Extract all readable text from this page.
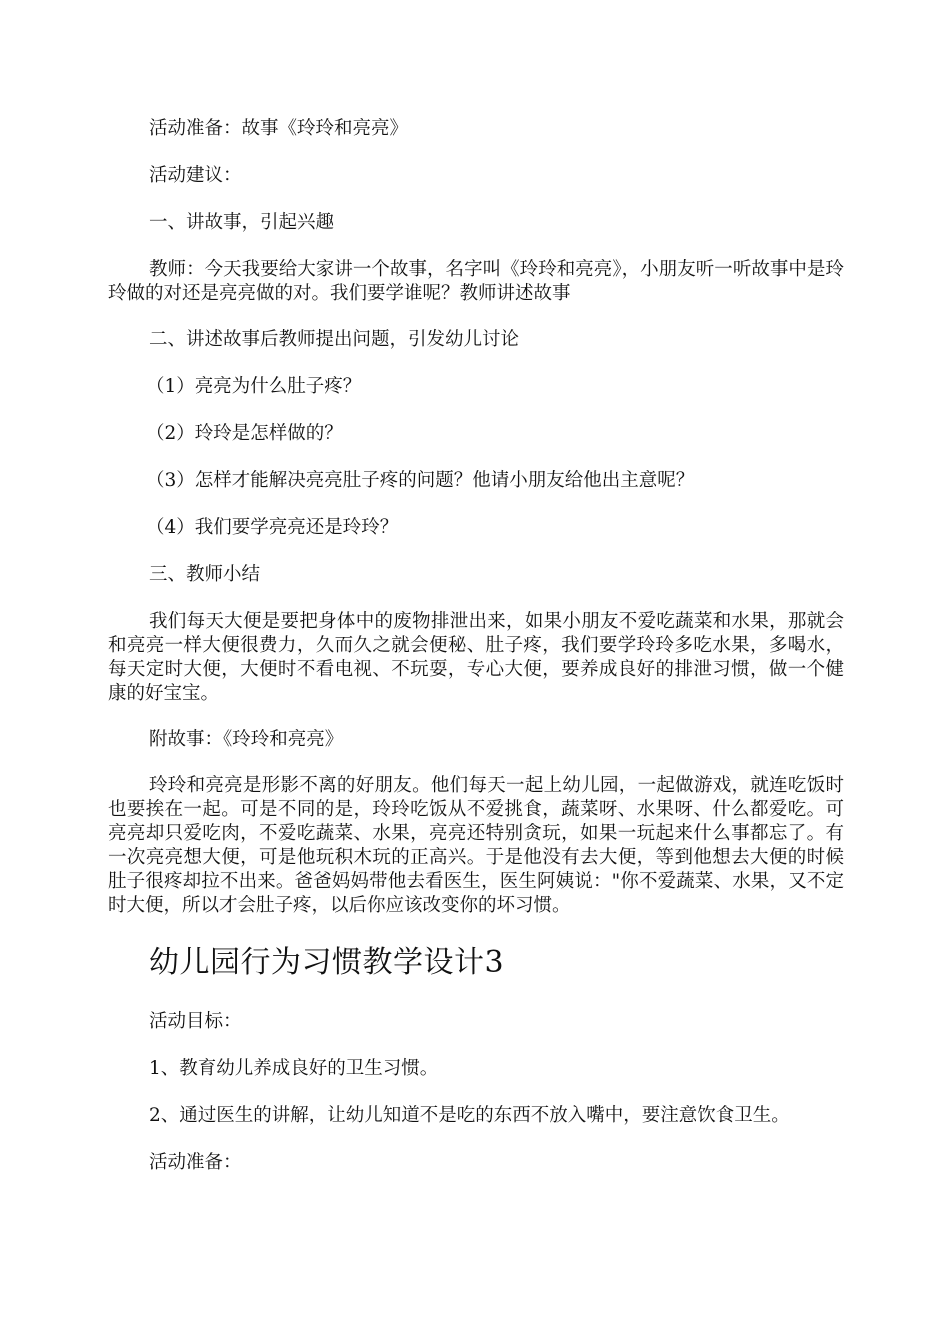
活动准备：故事《玲玲和亮亮》

活动建议：

一、讲故事，引起兴趣

教师：今天我要给大家讲一个故事，名字叫《玲玲和亮亮》，小朋友听一听故事中是玲玲做的对还是亮亮做的对。我们要学谁呢？教师讲述故事

二、讲述故事后教师提出问题，引发幼儿讨论

（1）亮亮为什么肚子疼？

（2）玲玲是怎样做的？

（3）怎样才能解决亮亮肚子疼的问题？他请小朋友给他出主意呢？

（4）我们要学亮亮还是玲玲？

三、教师小结

我们每天大便是要把身体中的废物排泄出来，如果小朋友不爱吃蔬菜和水果，那就会和亮亮一样大便很费力，久而久之就会便秘、肚子疼，我们要学玲玲多吃水果，多喝水，每天定时大便，大便时不看电视、不玩耍，专心大便，要养成良好的排泄习惯，做一个健康的好宝宝。

附故事：《玲玲和亮亮》

玲玲和亮亮是形影不离的好朋友。他们每天一起上幼儿园，一起做游戏，就连吃饭时也要挨在一起。可是不同的是，玲玲吃饭从不爱挑食，蔬菜呀、水果呀、什么都爱吃。可亮亮却只爱吃肉，不爱吃蔬菜、水果，亮亮还特别贪玩，如果一玩起来什么事都忘了。有一次亮亮想大便，可是他玩积木玩的正高兴。于是他没有去大便，等到他想去大便的时候肚子很疼却拉不出来。爸爸妈妈带他去看医生，医生阿姨说："你不爱蔬菜、水果，又不定时大便，所以才会肚子疼，以后你应该改变你的坏习惯。

幼儿园行为习惯教学设计3

活动目标：

1、教育幼儿养成良好的卫生习惯。

2、通过医生的讲解，让幼儿知道不是吃的东西不放入嘴中，要注意饮食卫生。

活动准备：
